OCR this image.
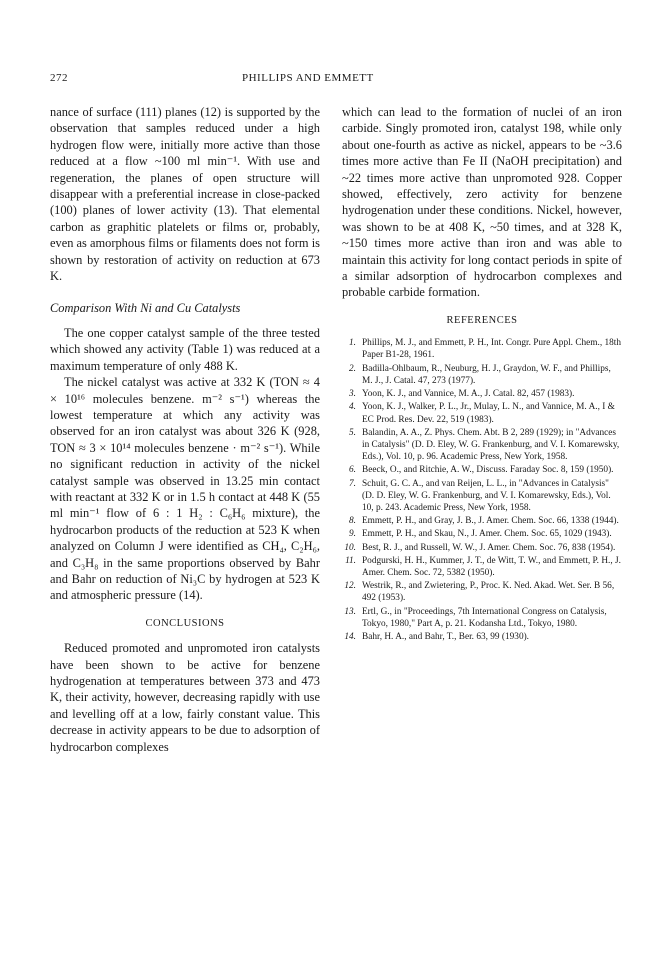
272	PHILLIPS AND EMMETT

nance of surface (111) planes (12) is supported by the observation that samples reduced under a high hydrogen flow were, initially more active than those reduced at a flow ~100 ml min⁻¹. With use and regeneration, the planes of open structure will disappear with a preferential increase in close-packed (100) planes of lower activity (13). That elemental carbon as graphitic platelets or films or, probably, even as amorphous films or filaments does not form is shown by restoration of activity on reduction at 673 K.

Comparison With Ni and Cu Catalysts

The one copper catalyst sample of the three tested which showed any activity (Table 1) was reduced at a maximum temperature of only 488 K.

The nickel catalyst was active at 332 K (TON ≈ 4 × 10¹⁶ molecules benzene. m⁻² s⁻¹) whereas the lowest temperature at which any activity was observed for an iron catalyst was about 326 K (928, TON ≈ 3 × 10¹⁴ molecules benzene · m⁻² s⁻¹). While no significant reduction in activity of the nickel catalyst sample was observed in 13.25 min contact with reactant at 332 K or in 1.5 h contact at 448 K (55 ml min⁻¹ flow of 6 : 1 H₂ : C₆H₆ mixture), the hydrocarbon products of the reduction at 523 K when analyzed on Column J were identified as CH₄, C₂H₆, and C₃H₈ in the same proportions observed by Bahr and Bahr on reduction of Ni₃C by hydrogen at 523 K and atmospheric pressure (14).

CONCLUSIONS

Reduced promoted and unpromoted iron catalysts have been shown to be active for benzene hydrogenation at temperatures between 373 and 473 K, their activity, however, decreasing rapidly with use and levelling off at a low, fairly constant value. This decrease in activity appears to be due to adsorption of hydrocarbon complexes

which can lead to the formation of nuclei of an iron carbide. Singly promoted iron, catalyst 198, while only about one-fourth as active as nickel, appears to be ~3.6 times more active than Fe II (NaOH precipitation) and ~22 times more active than unpromoted 928. Copper showed, effectively, zero activity for benzene hydrogenation under these conditions. Nickel, however, was shown to be at 408 K, ~50 times, and at 328 K, ~150 times more active than iron and was able to maintain this activity for long contact periods in spite of a similar adsorption of hydrocarbon complexes and probable carbide formation.

REFERENCES
1. Phillips, M. J., and Emmett, P. H., Int. Congr. Pure Appl. Chem., 18th Paper B1-28, 1961.
2. Badilla-Ohlbaum, R., Neuburg, H. J., Graydon, W. F., and Phillips, M. J., J. Catal. 47, 273 (1977).
3. Yoon, K. J., and Vannice, M. A., J. Catal. 82, 457 (1983).
4. Yoon, K. J., Walker, P. L., Jr., Mulay, L. N., and Vannice, M. A., I & EC Prod. Res. Dev. 22, 519 (1983).
5. Balandin, A. A., Z. Phys. Chem. Abt. B 2, 289 (1929); in "Advances in Catalysis" (D. D. Eley, W. G. Frankenburg, and V. I. Komarewsky, Eds.), Vol. 10, p. 96. Academic Press, New York, 1958.
6. Beeck, O., and Ritchie, A. W., Discuss. Faraday Soc. 8, 159 (1950).
7. Schuit, G. C. A., and van Reijen, L. L., in "Advances in Catalysis" (D. D. Eley, W. G. Frankenburg, and V. I. Komarewsky, Eds.), Vol. 10, p. 243. Academic Press, New York, 1958.
8. Emmett, P. H., and Gray, J. B., J. Amer. Chem. Soc. 66, 1338 (1944).
9. Emmett, P. H., and Skau, N., J. Amer. Chem. Soc. 65, 1029 (1943).
10. Best, R. J., and Russell, W. W., J. Amer. Chem. Soc. 76, 838 (1954).
11. Podgurski, H. H., Kummer, J. T., de Witt, T. W., and Emmett, P. H., J. Amer. Chem. Soc. 72, 5382 (1950).
12. Westrik, R., and Zwietering, P., Proc. K. Ned. Akad. Wet. Ser. B 56, 492 (1953).
13. Ertl, G., in "Proceedings, 7th International Congress on Catalysis, Tokyo, 1980," Part A, p. 21. Kodansha Ltd., Tokyo, 1980.
14. Bahr, H. A., and Bahr, T., Ber. 63, 99 (1930).
